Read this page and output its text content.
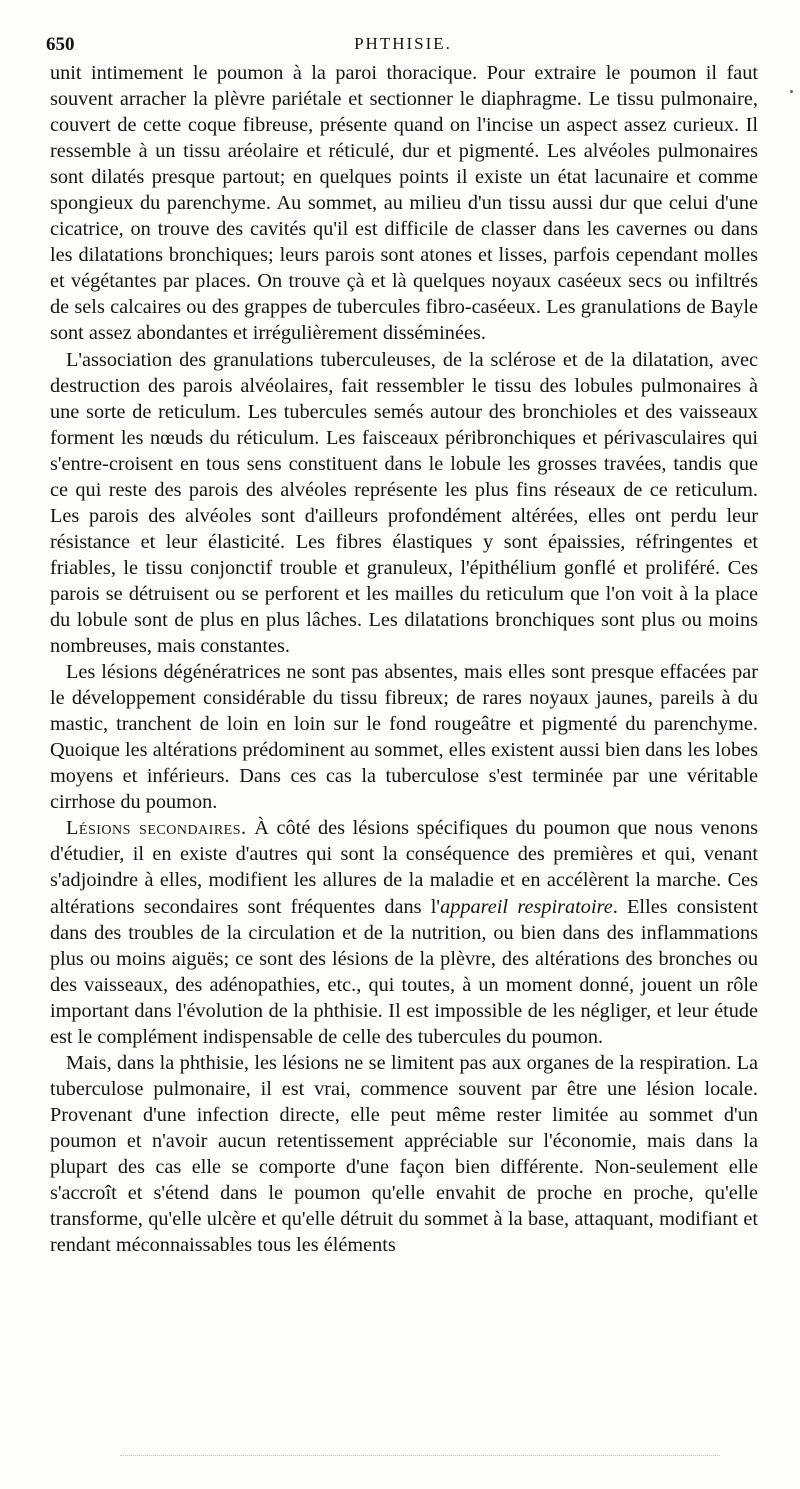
650	PHTHISIE.

unit intimement le poumon à la paroi thoracique. Pour extraire le poumon il faut souvent arracher la plèvre pariétale et sectionner le diaphragme. Le tissu pulmonaire, couvert de cette coque fibreuse, présente quand on l'incise un aspect assez curieux. Il ressemble à un tissu aréolaire et réticulé, dur et pigmenté. Les alvéoles pulmonaires sont dilatés presque partout; en quelques points il existe un état lacunaire et comme spongieux du parenchyme. Au sommet, au milieu d'un tissu aussi dur que celui d'une cicatrice, on trouve des cavités qu'il est difficile de classer dans les cavernes ou dans les dilatations bronchiques; leurs parois sont atones et lisses, parfois cependant molles et végétantes par places. On trouve çà et là quelques noyaux caséeux secs ou infiltrés de sels calcaires ou des grappes de tubercules fibro-caséeux. Les granulations de Bayle sont assez abondantes et irrégulièrement disséminées.

L'association des granulations tuberculeuses, de la sclérose et de la dilatation, avec destruction des parois alvéolaires, fait ressembler le tissu des lobules pulmonaires à une sorte de reticulum. Les tubercules semés autour des bronchioles et des vaisseaux forment les nœuds du réticulum. Les faisceaux péribronchiques et périvasculaires qui s'entre-croisent en tous sens constituent dans le lobule les grosses travées, tandis que ce qui reste des parois des alvéoles représente les plus fins réseaux de ce reticulum. Les parois des alvéoles sont d'ailleurs profondément altérées, elles ont perdu leur résistance et leur élasticité. Les fibres élastiques y sont épaissies, réfringentes et friables, le tissu conjonctif trouble et granuleux, l'épithélium gonflé et proliféré. Ces parois se détruisent ou se perforent et les mailles du reticulum que l'on voit à la place du lobule sont de plus en plus lâches. Les dilatations bronchiques sont plus ou moins nombreuses, mais constantes.

Les lésions dégénératrices ne sont pas absentes, mais elles sont presque effacées par le développement considérable du tissu fibreux; de rares noyaux jaunes, pareils à du mastic, tranchent de loin en loin sur le fond rougeâtre et pigmenté du parenchyme. Quoique les altérations prédominent au sommet, elles existent aussi bien dans les lobes moyens et inférieurs. Dans ces cas la tuberculose s'est terminée par une véritable cirrhose du poumon.

Lésions secondaires. À côté des lésions spécifiques du poumon que nous venons d'étudier, il en existe d'autres qui sont la conséquence des premières et qui, venant s'adjoindre à elles, modifient les allures de la maladie et en accélèrent la marche. Ces altérations secondaires sont fréquentes dans l'appareil respiratoire. Elles consistent dans des troubles de la circulation et de la nutrition, ou bien dans des inflammations plus ou moins aiguës; ce sont des lésions de la plèvre, des altérations des bronches ou des vaisseaux, des adénopathies, etc., qui toutes, à un moment donné, jouent un rôle important dans l'évolution de la phthisie. Il est impossible de les négliger, et leur étude est le complément indispensable de celle des tubercules du poumon.

Mais, dans la phthisie, les lésions ne se limitent pas aux organes de la respiration. La tuberculose pulmonaire, il est vrai, commence souvent par être une lésion locale. Provenant d'une infection directe, elle peut même rester limitée au sommet d'un poumon et n'avoir aucun retentissement appréciable sur l'économie, mais dans la plupart des cas elle se comporte d'une façon bien différente. Non-seulement elle s'accroît et s'étend dans le poumon qu'elle envahit de proche en proche, qu'elle transforme, qu'elle ulcère et qu'elle détruit du sommet à la base, attaquant, modifiant et rendant méconnaissables tous les éléments
